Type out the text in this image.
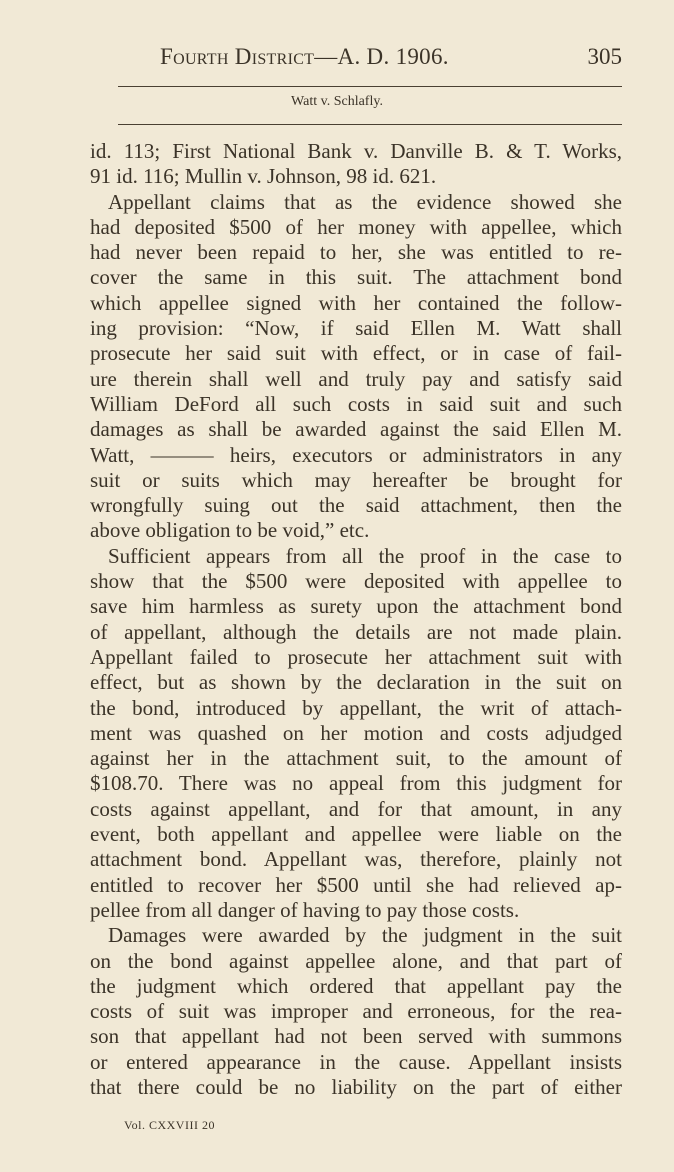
Fourth District—A. D. 1906.	305
Watt v. Schlafly.
id. 113; First National Bank v. Danville B. & T. Works,
91 id. 116; Mullin v. Johnson, 98 id. 621.
Appellant claims that as the evidence showed she
had deposited $500 of her money with appellee, which
had never been repaid to her, she was entitled to re-
cover the same in this suit. The attachment bond
which appellee signed with her contained the follow-
ing provision: “Now, if said Ellen M. Watt shall
prosecute her said suit with effect, or in case of fail-
ure therein shall well and truly pay and satisfy said
William DeFord all such costs in said suit and such
damages as shall be awarded against the said Ellen M.
Watt, ——— heirs, executors or administrators in any
suit or suits which may hereafter be brought for
wrongfully suing out the said attachment, then the
above obligation to be void,” etc.
Sufficient appears from all the proof in the case to
show that the $500 were deposited with appellee to
save him harmless as surety upon the attachment bond
of appellant, although the details are not made plain.
Appellant failed to prosecute her attachment suit with
effect, but as shown by the declaration in the suit on
the bond, introduced by appellant, the writ of attach-
ment was quashed on her motion and costs adjudged
against her in the attachment suit, to the amount of
$108.70. There was no appeal from this judgment for
costs against appellant, and for that amount, in any
event, both appellant and appellee were liable on the
attachment bond. Appellant was, therefore, plainly not
entitled to recover her $500 until she had relieved ap-
pellee from all danger of having to pay those costs.
Damages were awarded by the judgment in the suit
on the bond against appellee alone, and that part of
the judgment which ordered that appellant pay the
costs of suit was improper and erroneous, for the rea-
son that appellant had not been served with summons
or entered appearance in the cause. Appellant insists
that there could be no liability on the part of either
Vol. CXXVIII 20
